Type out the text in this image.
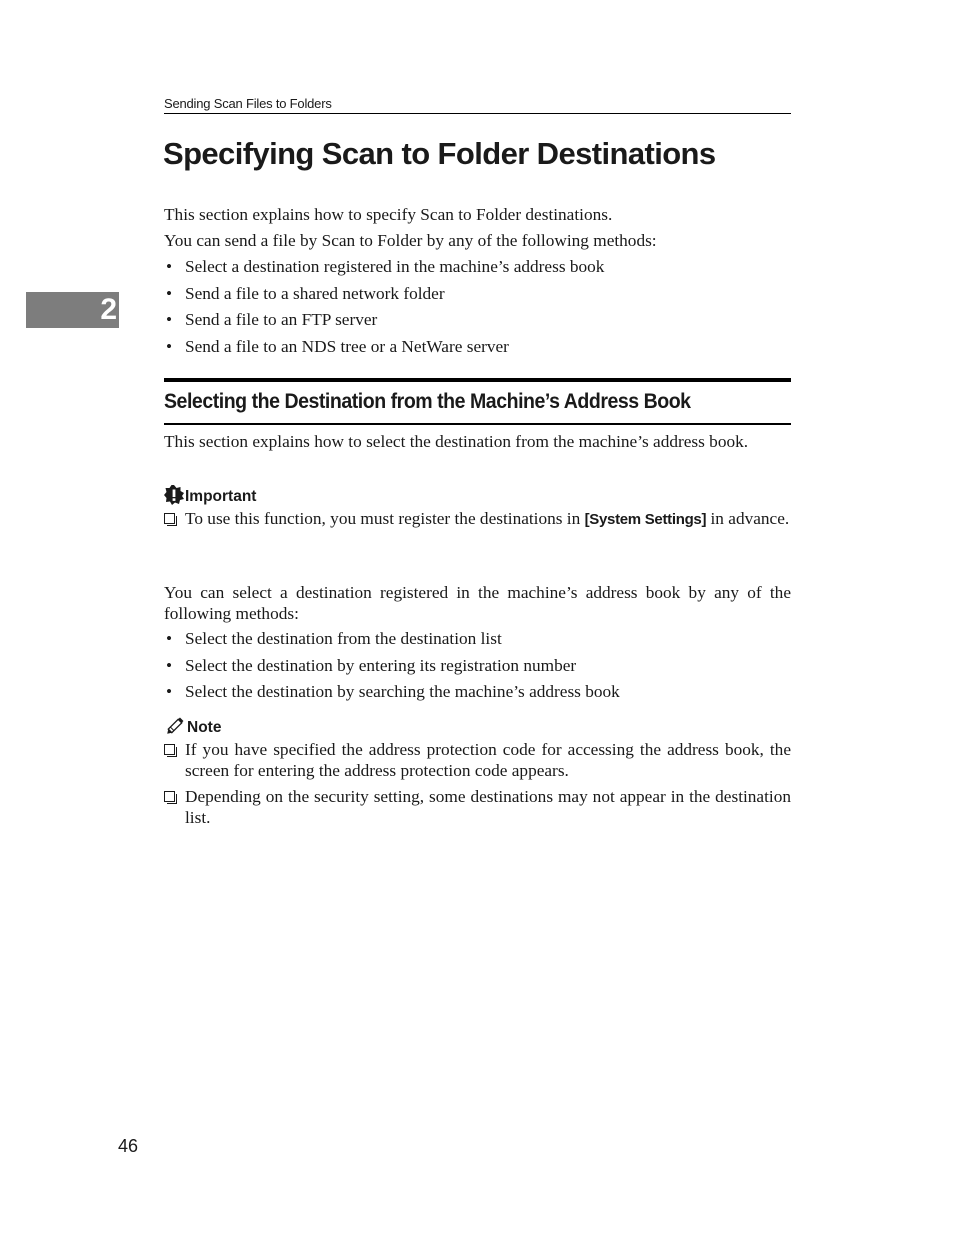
Sending Scan Files to Folders
2
Specifying Scan to Folder Destinations

This section explains how to specify Scan to Folder destinations.

You can send a file by Scan to Folder by any of the following methods:

• Select a destination registered in the machine’s address book
• Send a file to a shared network folder
• Send a file to an FTP server
• Send a file to an NDS tree or a NetWare server
Selecting the Destination from the Machine’s Address Book

This section explains how to select the destination from the machine’s address book.

Important
To use this function, you must register the destinations in [System Settings] in advance.

You can select a destination registered in the machine’s address book by any of the following methods:

• Select the destination from the destination list
• Select the destination by entering its registration number
• Select the destination by searching the machine’s address book
Note
If you have specified the address protection code for accessing the address book, the screen for entering the address protection code appears.
Depending on the security setting, some destinations may not appear in the destination list.
46
